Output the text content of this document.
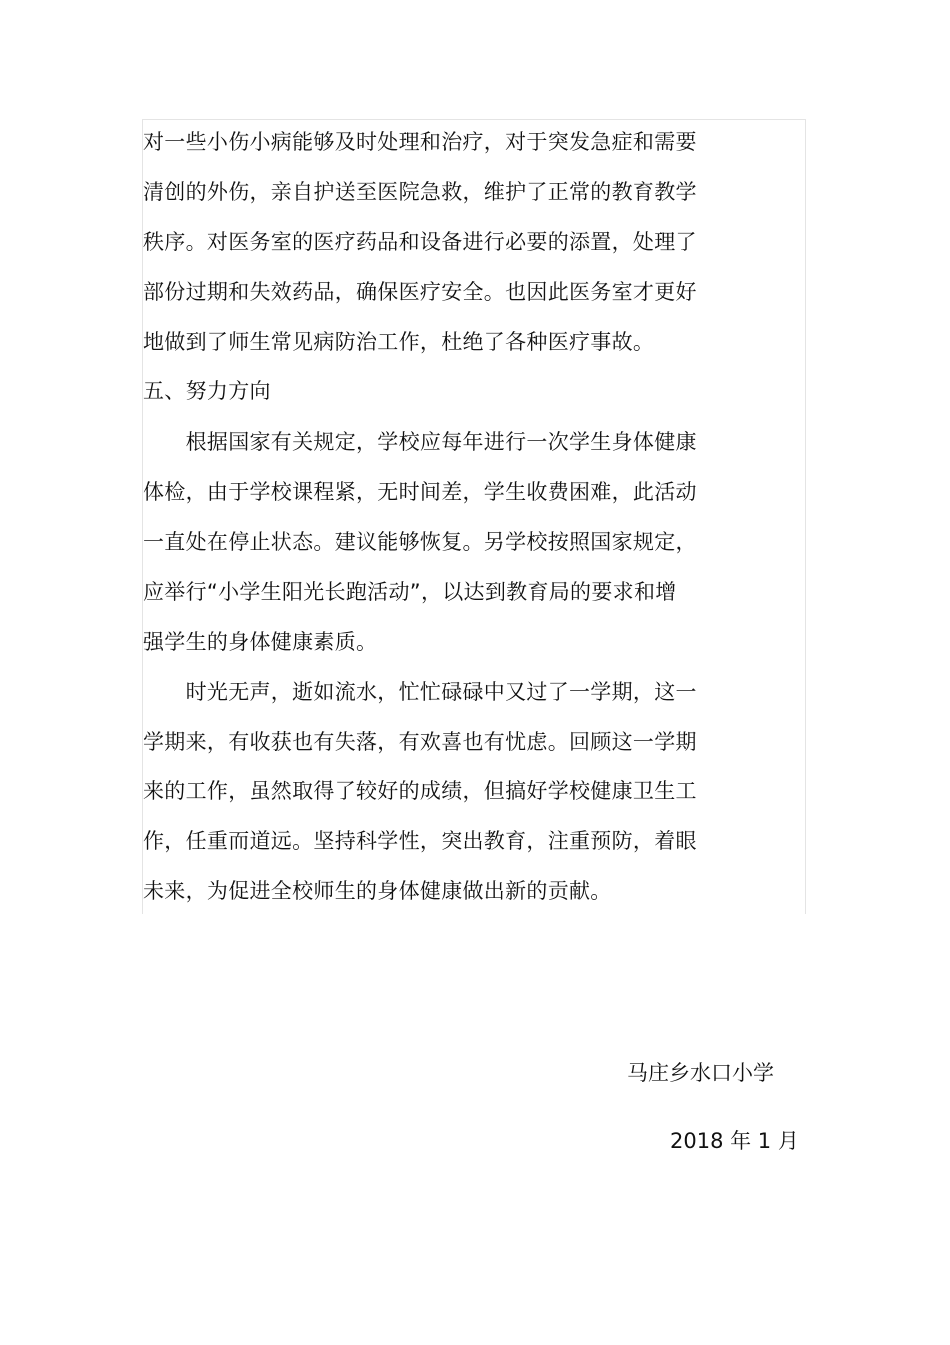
对一些小伤小病能够及时处理和治疗，对于突发急症和需要
清创的外伤，亲自护送至医院急救，维护了正常的教育教学
秩序。对医务室的医疗药品和设备进行必要的添置，处理了
部份过期和失效药品，确保医疗安全。也因此医务室才更好
地做到了师生常见病防治工作，杜绝了各种医疗事故。
五、努力方向
　　根据国家有关规定，学校应每年进行一次学生身体健康
体检，由于学校课程紧，无时间差，学生收费困难，此活动
一直处在停止状态。建议能够恢复。另学校按照国家规定，
应举行“小学生阳光长跑活动”，以达到教育局的要求和增
强学生的身体健康素质。
　　时光无声，逝如流水，忙忙碌碌中又过了一学期，这一
学期来，有收获也有失落，有欢喜也有忧虑。回顾这一学期
来的工作，虽然取得了较好的成绩，但搞好学校健康卫生工
作，任重而道远。坚持科学性，突出教育，注重预防，着眼
未来，为促进全校师生的身体健康做出新的贡献。
马庄乡水口小学
2018 年 1 月
